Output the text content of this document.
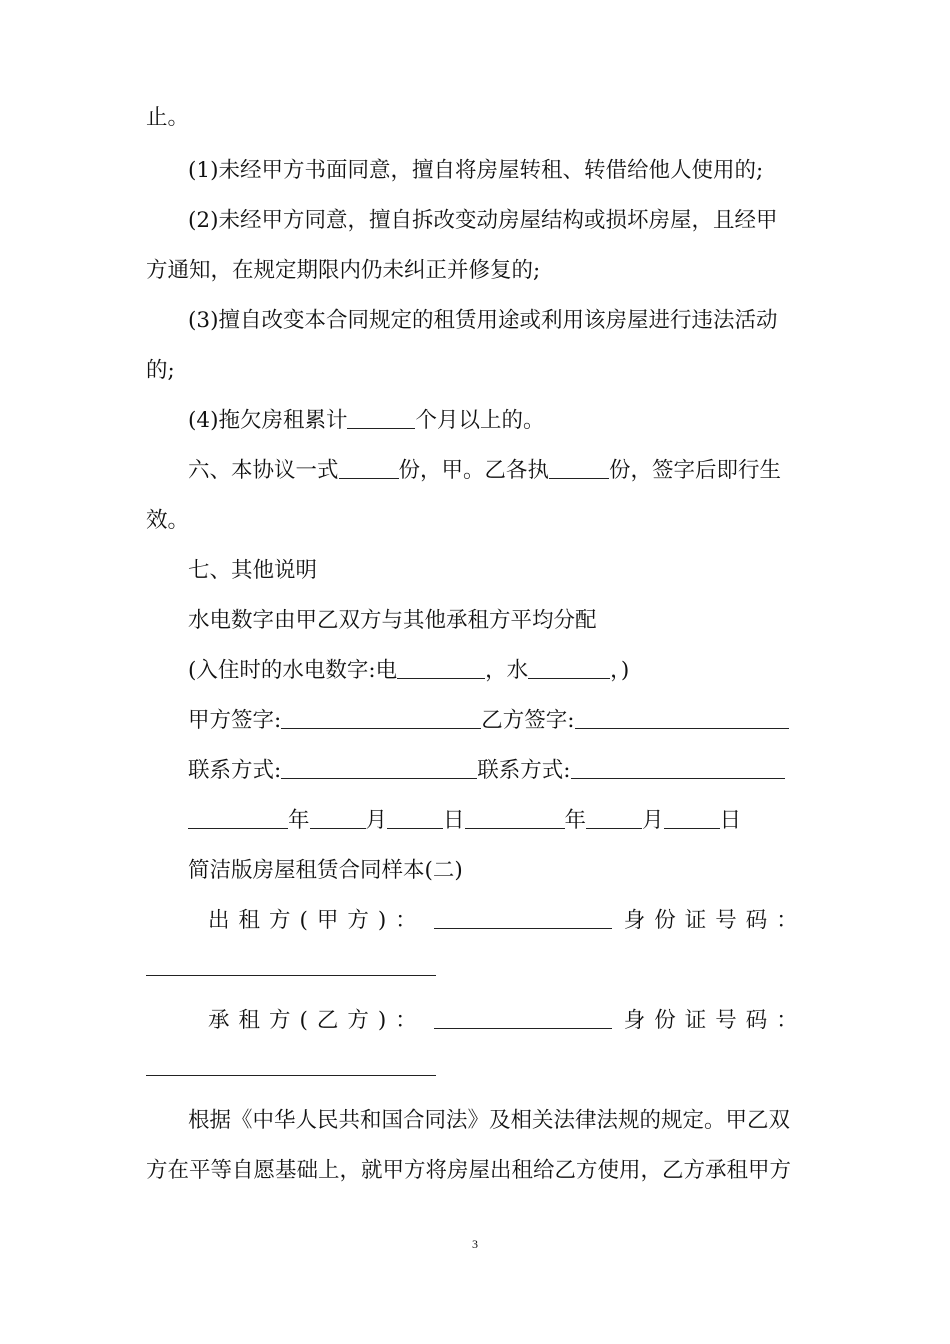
止。

(1)未经甲方书面同意，擅自将房屋转租、转借给他人使用的;

(2)未经甲方同意，擅自拆改变动房屋结构或损坏房屋，且经甲

方通知，在规定期限内仍未纠正并修复的;

(3)擅自改变本合同规定的租赁用途或利用该房屋进行违法活动

的;

(4)拖欠房租累计	个月以上的。

六、本协议一式	份，甲。乙各执	份，签字后即行生

效。

七、其他说明

水电数字由甲乙双方与其他承租方平均分配

(入住时的水电数字:电	，水	，)

甲方签字:	乙方签字:

联系方式:	联系方式:

年	月	日	年	月	日

简洁版房屋租赁合同样本(二)

出租方(甲方)：	身份证号码：

承租方(乙方)：	身份证号码：

根据《中华人民共和国合同法》及相关法律法规的规定。甲乙双

方在平等自愿基础上，就甲方将房屋出租给乙方使用，乙方承租甲方

3
